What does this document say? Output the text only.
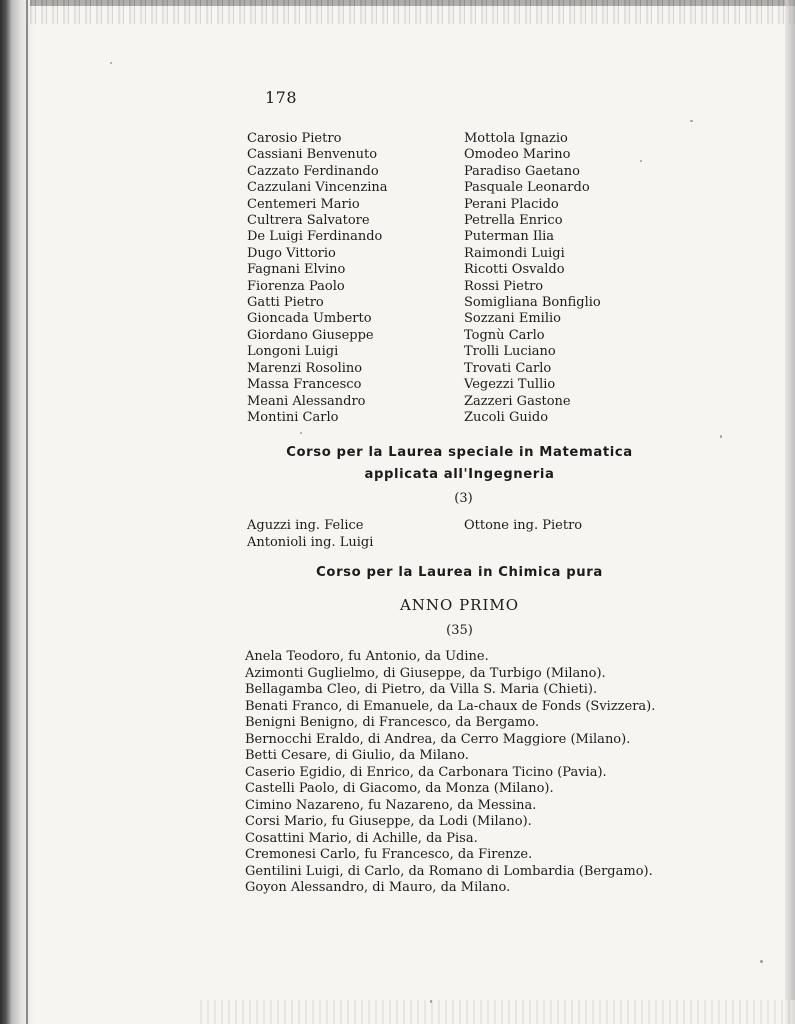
178
Carosio Pietro
Cassiani Benvenuto
Cazzato Ferdinando
Cazzulani Vincenzina
Centemeri Mario
Cultrera Salvatore
De Luigi Ferdinando
Dugo Vittorio
Fagnani Elvino
Fiorenza Paolo
Gatti Pietro
Gioncada Umberto
Giordano Giuseppe
Longoni Luigi
Marenzi Rosolino
Massa Francesco
Meani Alessandro
Montini Carlo
Mottola Ignazio
Omodeo Marino
Paradiso Gaetano
Pasquale Leonardo
Perani Placido
Petrella Enrico
Puterman Ilia
Raimondi Luigi
Ricotti Osvaldo
Rossi Pietro
Somigliana Bonfiglio
Sozzani Emilio
Tognù Carlo
Trolli Luciano
Trovati Carlo
Vegezzi Tullio
Zazzeri Gastone
Zucoli Guido
Corso per la Laurea speciale in Matematica
applicata all'Ingegneria
(3)
Aguzzi ing. Felice
Antonioli ing. Luigi
Ottone ing. Pietro
Corso per la Laurea in Chimica pura
ANNO PRIMO
(35)
Anela Teodoro, fu Antonio, da Udine.
Azimonti Guglielmo, di Giuseppe, da Turbigo (Milano).
Bellagamba Cleo, di Pietro, da Villa S. Maria (Chieti).
Benati Franco, di Emanuele, da La-chaux de Fonds (Svizzera).
Benigni Benigno, di Francesco, da Bergamo.
Bernocchi Eraldo, di Andrea, da Cerro Maggiore (Milano).
Betti Cesare, di Giulio, da Milano.
Caserio Egidio, di Enrico, da Carbonara Ticino (Pavia).
Castelli Paolo, di Giacomo, da Monza (Milano).
Cimino Nazareno, fu Nazareno, da Messina.
Corsi Mario, fu Giuseppe, da Lodi (Milano).
Cosattini Mario, di Achille, da Pisa.
Cremonesi Carlo, fu Francesco, da Firenze.
Gentilini Luigi, di Carlo, da Romano di Lombardia (Bergamo).
Goyon Alessandro, di Mauro, da Milano.
